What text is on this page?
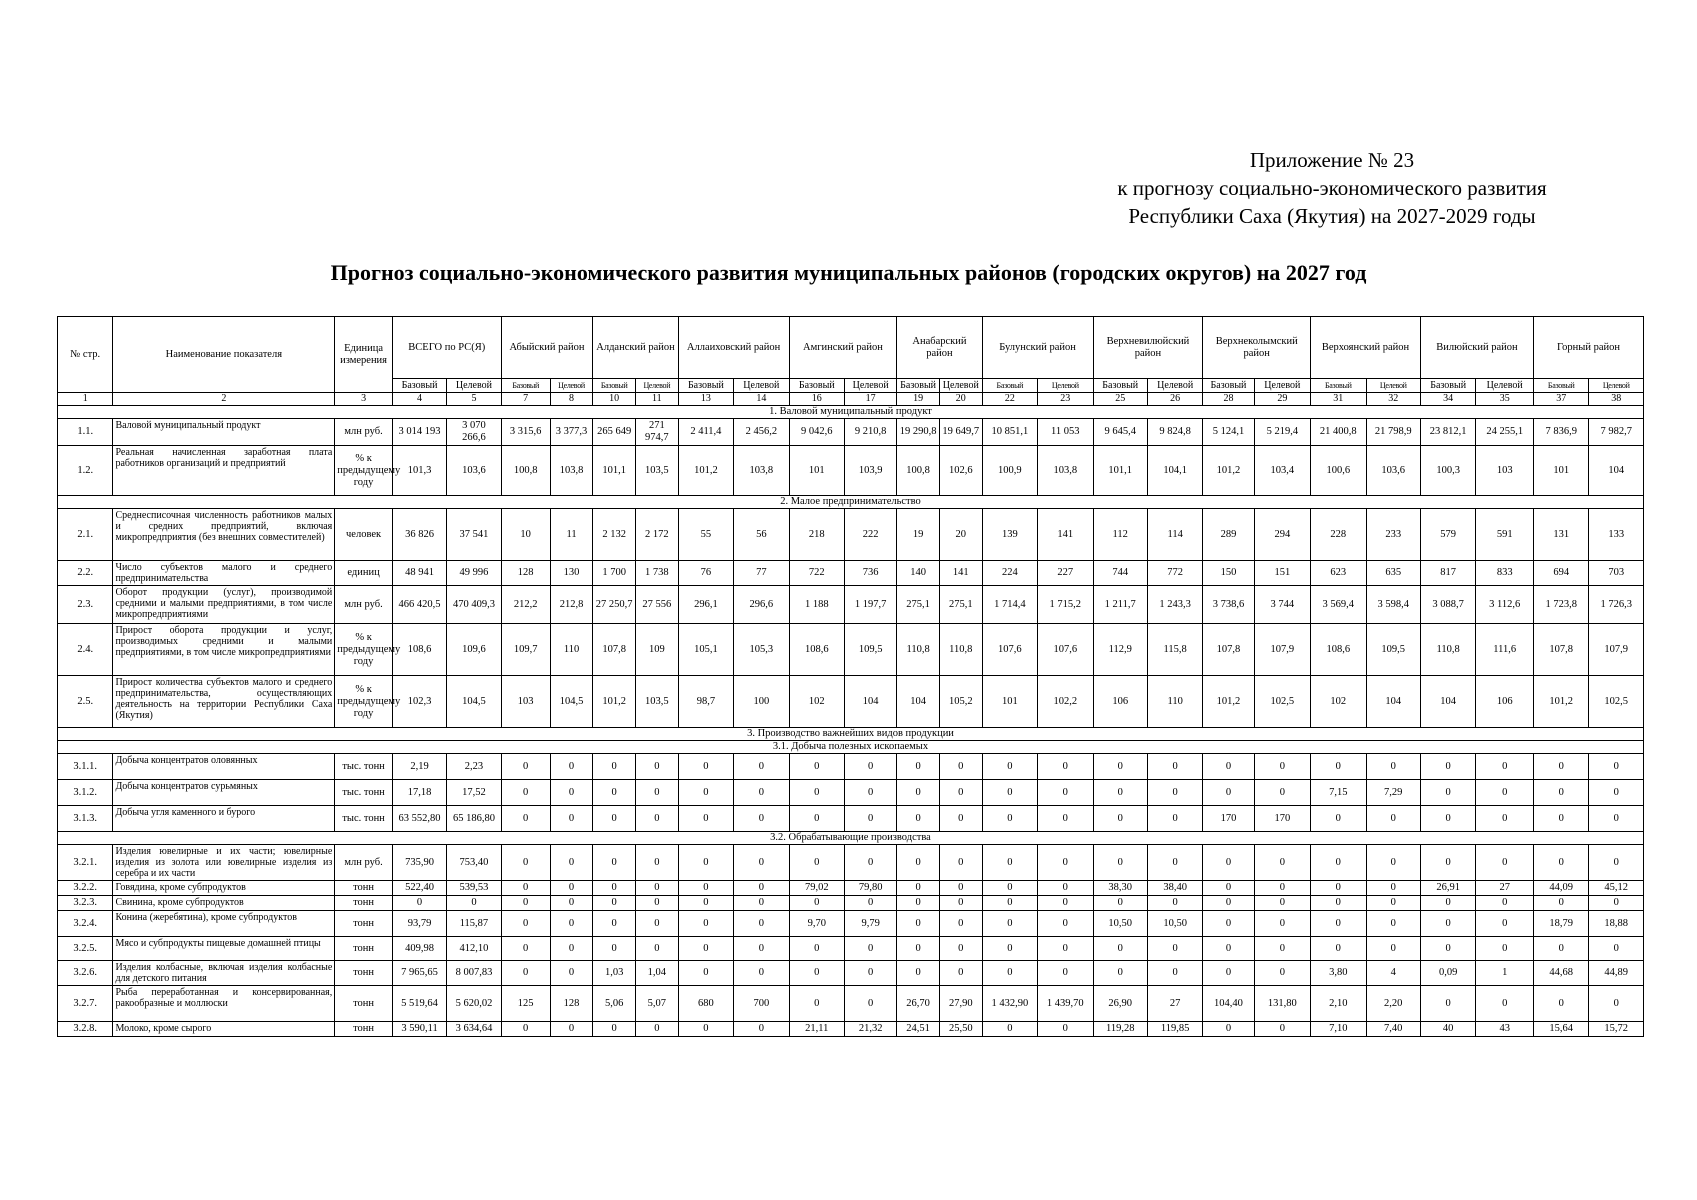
Приложение № 23
к прогнозу социально-экономического развития
Республики Саха (Якутия) на 2027-2029 годы
Прогноз социально-экономического развития муниципальных районов (городских округов) на 2027 год
№ стр.	Наименование показателя	Единица измерения	ВСЕГО по РС(Я)		Абыйский район		Алданский район		Аллаиховский район		Амгинский район		Анабарский район		Булунский район		Верхневилюйский район		Верхнеколымский район		Верхоянский район		Вилюйский район		Горный район	
			Базовый	Целевой	Базовый	Целевой	Базовый	Целевой	Базовый	Целевой	Базовый	Целевой	Базовый	Целевой	Базовый	Целевой	Базовый	Целевой	Базовый	Целевой	Базовый	Целевой	Базовый	Целевой	Базовый	Целевой
1	2	3	4	5	7	8	10	11	13	14	16	17	19	20	22	23	25	26	28	29	31	32	34	35	37	38
1. Валовой муниципальный продукт																										
1.1.	Валовой муниципальный продукт	млн руб.	3 014 193	3 070 266,6	3 315,6	3 377,3	265 649	271 974,7	2 411,4	2 456,2	9 042,6	9 210,8	19 290,8	19 649,7	10 851,1	11 053	9 645,4	9 824,8	5 124,1	5 219,4	21 400,8	21 798,9	23 812,1	24 255,1	7 836,9	7 982,7
1.2.	Реальная начисленная заработная плата работников организаций и предприятий	% к предыдущему году	101,3	103,6	100,8	103,8	101,1	103,5	101,2	103,8	101	103,9	100,8	102,6	100,9	103,8	101,1	104,1	101,2	103,4	100,6	103,6	100,3	103	101	104
2. Малое предпринимательство																										
2.1.	Среднесписочная численность работников малых и средних предприятий, включая микропредприятия (без внешних совместителей)	человек	36 826	37 541	10	11	2 132	2 172	55	56	218	222	19	20	139	141	112	114	289	294	228	233	579	591	131	133
2.2.	Число субъектов малого и среднего предпринимательства	единиц	48 941	49 996	128	130	1 700	1 738	76	77	722	736	140	141	224	227	744	772	150	151	623	635	817	833	694	703
2.3.	Оборот продукции (услуг), производимой средними и малыми предприятиями, в том числе микропредприятиями	млн руб.	466 420,5	470 409,3	212,2	212,8	27 250,7	27 556	296,1	296,6	1 188	1 197,7	275,1	275,1	1 714,4	1 715,2	1 211,7	1 243,3	3 738,6	3 744	3 569,4	3 598,4	3 088,7	3 112,6	1 723,8	1 726,3
2.4.	Прирост оборота продукции и услуг, производимых средними и малыми предприятиями, в том числе микропредприятиями	% к предыдущему году	108,6	109,6	109,7	110	107,8	109	105,1	105,3	108,6	109,5	110,8	110,8	107,6	107,6	112,9	115,8	107,8	107,9	108,6	109,5	110,8	111,6	107,8	107,9
2.5.	Прирост количества субъектов малого и среднего предпринимательства, осуществляющих деятельность на территории Республики Саха (Якутия)	% к предыдущему году	102,3	104,5	103	104,5	101,2	103,5	98,7	100	102	104	104	105,2	101	102,2	106	110	101,2	102,5	102	104	104	106	101,2	102,5
3. Производство важнейших видов продукции																										
3.1. Добыча полезных ископаемых																										
3.1.1.	Добыча концентратов оловянных	тыс. тонн	2,19	2,23	0	0	0	0	0	0	0	0	0	0	0	0	0	0	0	0	0	0	0	0	0	0
3.1.2.	Добыча концентратов сурьмяных	тыс. тонн	17,18	17,52	0	0	0	0	0	0	0	0	0	0	0	0	0	0	0	0	7,15	7,29	0	0	0	0
3.1.3.	Добыча угля каменного и бурого	тыс. тонн	63 552,80	65 186,80	0	0	0	0	0	0	0	0	0	0	0	0	0	0	170	170	0	0	0	0	0	0
3.2. Обрабатывающие производства																										
3.2.1.	Изделия ювелирные и их части; ювелирные изделия из золота или ювелирные изделия из серебра и их части	млн руб.	735,90	753,40	0	0	0	0	0	0	0	0	0	0	0	0	0	0	0	0	0	0	0	0	0	0
3.2.2.	Говядина, кроме субпродуктов	тонн	522,40	539,53	0	0	0	0	0	0	79,02	79,80	0	0	0	0	38,30	38,40	0	0	0	0	26,91	27	44,09	45,12
3.2.3.	Свинина, кроме субпродуктов	тонн	0	0	0	0	0	0	0	0	0	0	0	0	0	0	0	0	0	0	0	0	0	0	0	0
3.2.4.	Конина (жеребятина), кроме субпродуктов	тонн	93,79	115,87	0	0	0	0	0	0	9,70	9,79	0	0	0	0	10,50	10,50	0	0	0	0	0	0	18,79	18,88
3.2.5.	Мясо и субпродукты пищевые домашней птицы	тонн	409,98	412,10	0	0	0	0	0	0	0	0	0	0	0	0	0	0	0	0	0	0	0	0	0	0
3.2.6.	Изделия колбасные, включая изделия колбасные для детского питания	тонн	7 965,65	8 007,83	0	0	1,03	1,04	0	0	0	0	0	0	0	0	0	0	0	0	3,80	4	0,09	1	44,68	44,89
3.2.7.	Рыба переработанная и консервированная, ракообразные и моллюски	тонн	5 519,64	5 620,02	125	128	5,06	5,07	680	700	0	0	26,70	27,90	1 432,90	1 439,70	26,90	27	104,40	131,80	2,10	2,20	0	0	0	0
3.2.8.	Молоко, кроме сырого	тонн	3 590,11	3 634,64	0	0	0	0	0	0	21,11	21,32	24,51	25,50	0	0	119,28	119,85	0	0	7,10	7,40	40	43	15,64	15,72
